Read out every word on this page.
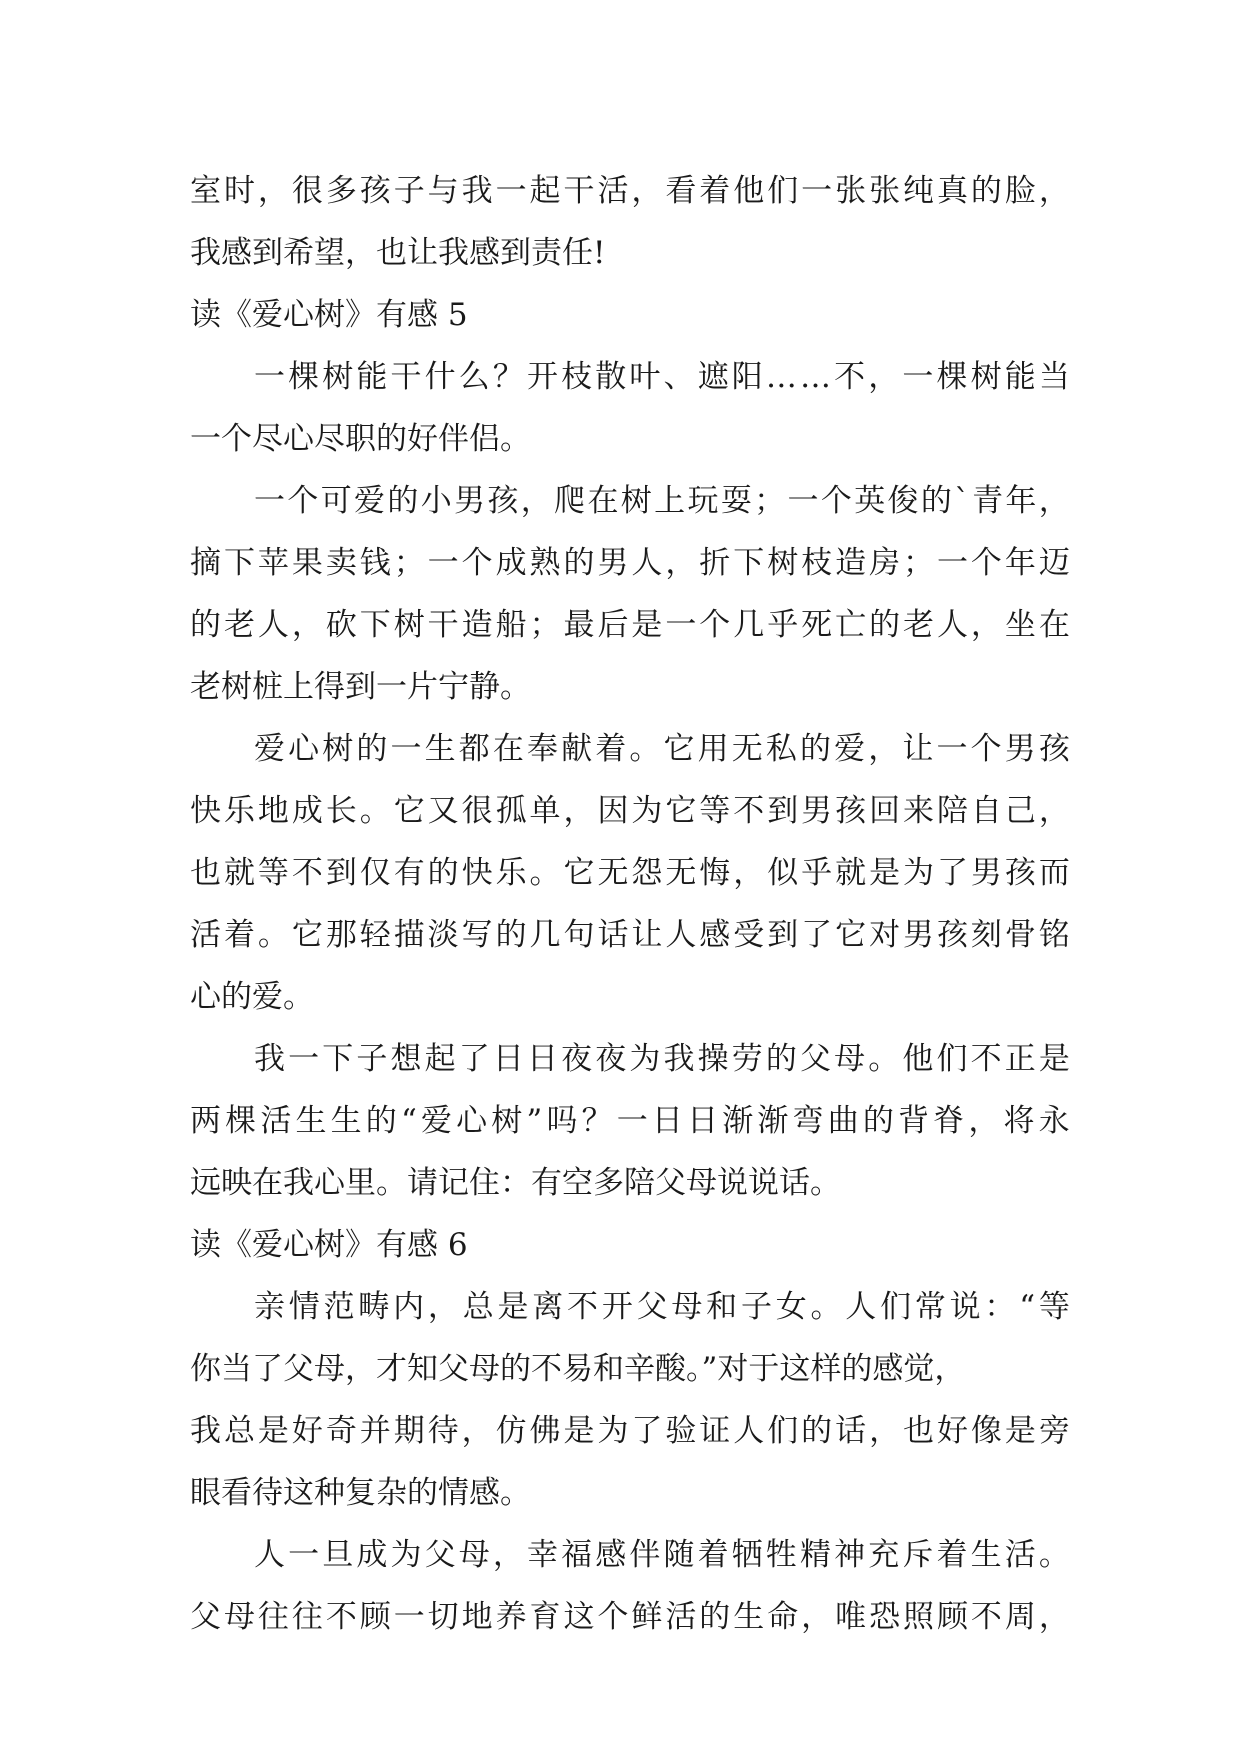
室 时 ， 很 多 孩 子 与 我 一 起 干 活 ， 看 着 他 们 一 张 张 纯 真 的 脸 ，
我感到希望，也让我感到责任!
读《爱心树》有感 5
一 棵 树 能 干 什 么 ？ 开 枝 散 叶 、 遮 阳 … … 不 ， 一 棵 树 能 当
一个尽心尽职的好伴侣。
一 个 可 爱 的 小 男 孩 ， 爬 在 树 上 玩 耍 ； 一 个 英 俊 的 ` 青 年 ，
摘 下 苹 果 卖 钱 ； 一 个 成 熟 的 男 人 ， 折 下 树 枝 造 房 ； 一 个 年 迈
的 老 人 ， 砍 下 树 干 造 船 ； 最 后 是 一 个 几 乎 死 亡 的 老 人 ， 坐 在
老树桩上得到一片宁静。
爱 心 树 的 一 生 都 在 奉 献 着 。 它 用 无 私 的 爱 ， 让 一 个 男 孩
快 乐 地 成 长 。 它 又 很 孤 单 ， 因 为 它 等 不 到 男 孩 回 来 陪 自 己 ，
也 就 等 不 到 仅 有 的 快 乐 。 它 无 怨 无 悔 ， 似 乎 就 是 为 了 男 孩 而
活 着 。 它 那 轻 描 淡 写 的 几 句 话 让 人 感 受 到 了 它 对 男 孩 刻 骨 铭
心的爱。
我 一 下 子 想 起 了 日 日 夜 夜 为 我 操 劳 的 父 母 。 他 们 不 正 是
两 棵 活 生 生 的 “ 爱 心 树 ” 吗 ？ 一 日 日 渐 渐 弯 曲 的 背 脊 ， 将 永
远映在我心里。请记住：有空多陪父母说说话。
读《爱心树》有感 6
亲 情 范 畴 内 ， 总 是 离 不 开 父 母 和 子 女 。 人 们 常 说 ： “ 等
你当了父母，才知父母的不易和辛酸。”对于这样的感觉，
我 总 是 好 奇 并 期 待 ， 仿 佛 是 为 了 验 证 人 们 的 话 ， 也 好 像 是 旁
眼看待这种复杂的情感。
人 一 旦 成 为 父 母 ， 幸 福 感 伴 随 着 牺 牲 精 神 充 斥 着 生 活 。
父 母 往 往 不 顾 一 切 地 养 育 这 个 鲜 活 的 生 命 ， 唯 恐 照 顾 不 周 ，
